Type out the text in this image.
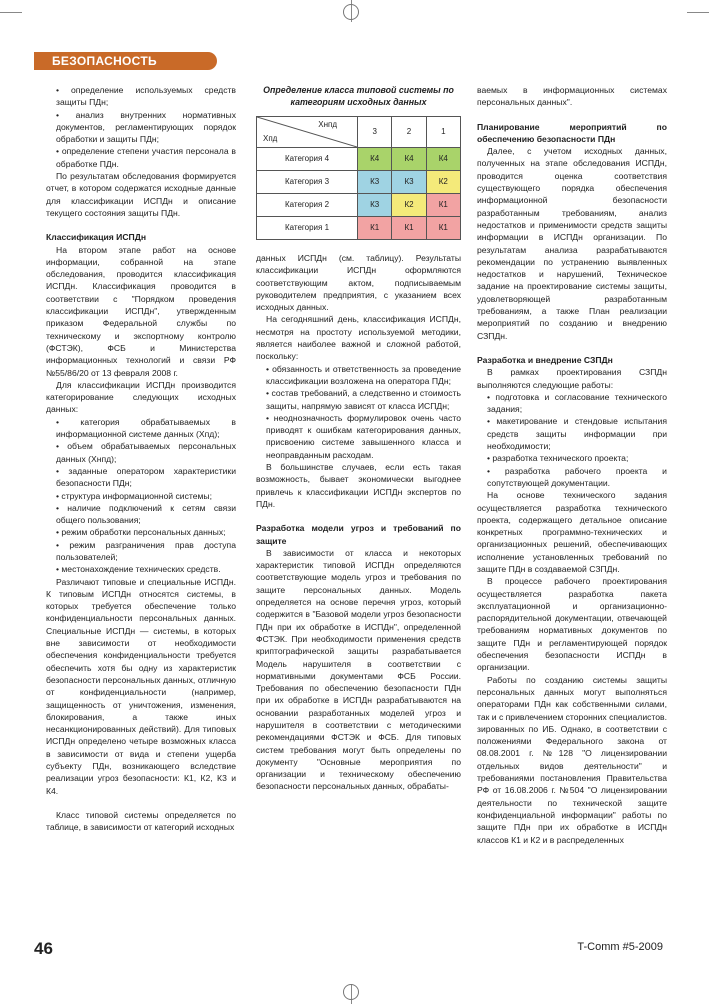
БЕЗОПАСНОСТЬ

• определение используемых средств защиты ПДн;

• анализ внутренних нормативных документов, регламентирующих порядок обработки и защиты ПДн;

• определение степени участия персонала в обработке ПДн.

По результатам обследования формируется отчет, в котором содержатся исходные данные для классификации ИСПДн и описание текущего состояния защиты ПДн.

Классификация ИСПДн

На втором этапе работ на основе информации, собранной на этапе обследования, проводится классификация ИСПДн. Классификация проводится в соответствии с "Порядком проведения классификации ИСПДн", утвержденным приказом Федеральной службы по техническому и экспортному контролю (ФСТЭК), ФСБ и Министерства информационных технологий и связи РФ №55/86/20 от 13 февраля 2008 г.

Для классификации ИСПДн производится категорирование следующих исходных данных:

• категория обрабатываемых в информационной системе данных (Хпд);

• объем обрабатываемых персональных данных (Хнпд);

• заданные оператором характеристики безопасности ПДн;

• структура информационной системы;

• наличие подключений к сетям связи общего пользования;

• режим обработки персональных данных;

• режим разграничения прав доступа пользователей;

• местонахождение технических средств.

Различают типовые и специальные ИСПДн. К типовым ИСПДн относятся системы, в которых требуется обеспечение только конфиденциальности персональных данных. Специальные ИСПДн — системы, в которых вне зависимости от необходимости обеспечения конфиденциальности требуется обеспечить хотя бы одну из характеристик безопасности персональных данных, отличную от конфиденциальности (например, защищенность от уничтожения, изменения, блокирования, а также иных несанкционированных действий). Для типовых ИСПДн определено четыре возможных класса в зависимости от вида и степени ущерба субъекту ПДн, возникающего вследствие реализации угроз безопасности: К1, К2, К3 и К4.

Класс типовой системы определяется по таблице, в зависимости от категорий исходных

Определение класса типовой системы по категориям исходных данных
Хнпд
Хпд	3	2	1
Категория 4	К4	К4	К4
Категория 3	К3	К3	К2
Категория 2	К3	К2	К1
Категория 1	К1	К1	К1

данных ИСПДн (см. таблицу). Результаты классификации ИСПДн оформляются соответствующим актом, подписываемым руководителем предприятия, с указанием всех исходных данных.

На сегодняшний день, классификация ИСПДн, несмотря на простоту используемой методики, является наиболее важной и сложной работой, поскольку:

• обязанность и ответственность за проведение классификации возложена на оператора ПДн;

• состав требований, а следственно и стоимость защиты, напрямую зависят от класса ИСПДн;

• неоднозначность формулировок очень часто приводят к ошибкам категорирования данных, присвоению системе завышенного класса и неоправданным расходам.

В большинстве случаев, если есть такая возможность, бывает экономически выгоднее привлечь к классификации ИСПДн экспертов по ПДн.

Разработка модели угроз и требований по защите

В зависимости от класса и некоторых характеристик типовой ИСПДн определяются соответствующие модель угроз и требования по защите персональных данных. Модель определяется на основе перечня угроз, который содержится в "Базовой модели угроз безопасности ПДн при их обработке в ИСПДн", определенной ФСТЭК. При необходимости применения средств криптографической защиты разрабатывается Модель нарушителя в соответствии с нормативными документами ФСБ России. Требования по обеспечению безопасности ПДн при их обработке в ИСПДн разрабатываются на основании разработанных моделей угроз и нарушителя в соответствии с методическими рекомендациями ФСТЭК и ФСБ. Для типовых систем требования могут быть определены по документу "Основные мероприятия по организации и техническому обеспечению безопасности персональных данных, обрабаты-

ваемых в информационных системах персональных данных".

Планирование мероприятий по обеспечению безопасности ПДн

Далее, с учетом исходных данных, полученных на этапе обследования ИСПДн, проводится оценка соответствия существующего порядка обеспечения информационной безопасности разработанным требованиям, анализ недостатков и применимости средств защиты информации в ИСПДн организации. По результатам анализа разрабатываются рекомендации по устранению выявленных недостатков и нарушений, Техническое задание на проектирование системы защиты, удовлетворяющей разработанным требованиям, а также План реализации мероприятий по созданию и внедрению СЗПДн.

Разработка и внедрение СЗПДн

В рамках проектирования СЗПДн выполняются следующие работы:

• подготовка и согласование технического задания;

• макетирование и стендовые испытания средств защиты информации при необходимости;

• разработка технического проекта;

• разработка рабочего проекта и сопутствующей документации.

На основе технического задания осуществляется разработка технического проекта, содержащего детальное описание конкретных программно-технических и организационных решений, обеспечивающих исполнение установленных требований по защите ПДн в создаваемой СЗПДн.

В процессе рабочего проектирования осуществляется разработка пакета эксплуатационной и организационно-распорядительной документации, отвечающей требованиям нормативных документов по защите ПДн и регламентирующей порядок обеспечения безопасности ИСПДн в организации.

Работы по созданию системы защиты персональных данных могут выполняться операторами ПДн как собственными силами, так и с привлечением сторонних специалистов. зированных по ИБ. Однако, в соответствии с положениями Федерального закона от 08.08.2001 г. №128 "О лицензировании отдельных видов деятельности" и требованиями постановления Правительства РФ от 16.08.2006 г. №504 "О лицензировании деятельности по технической защите конфиденциальной информации" работы по защите ПДн при их обработке в ИСПДн классов К1 и К2 и в распределенных

46	T-Comm #5-2009
